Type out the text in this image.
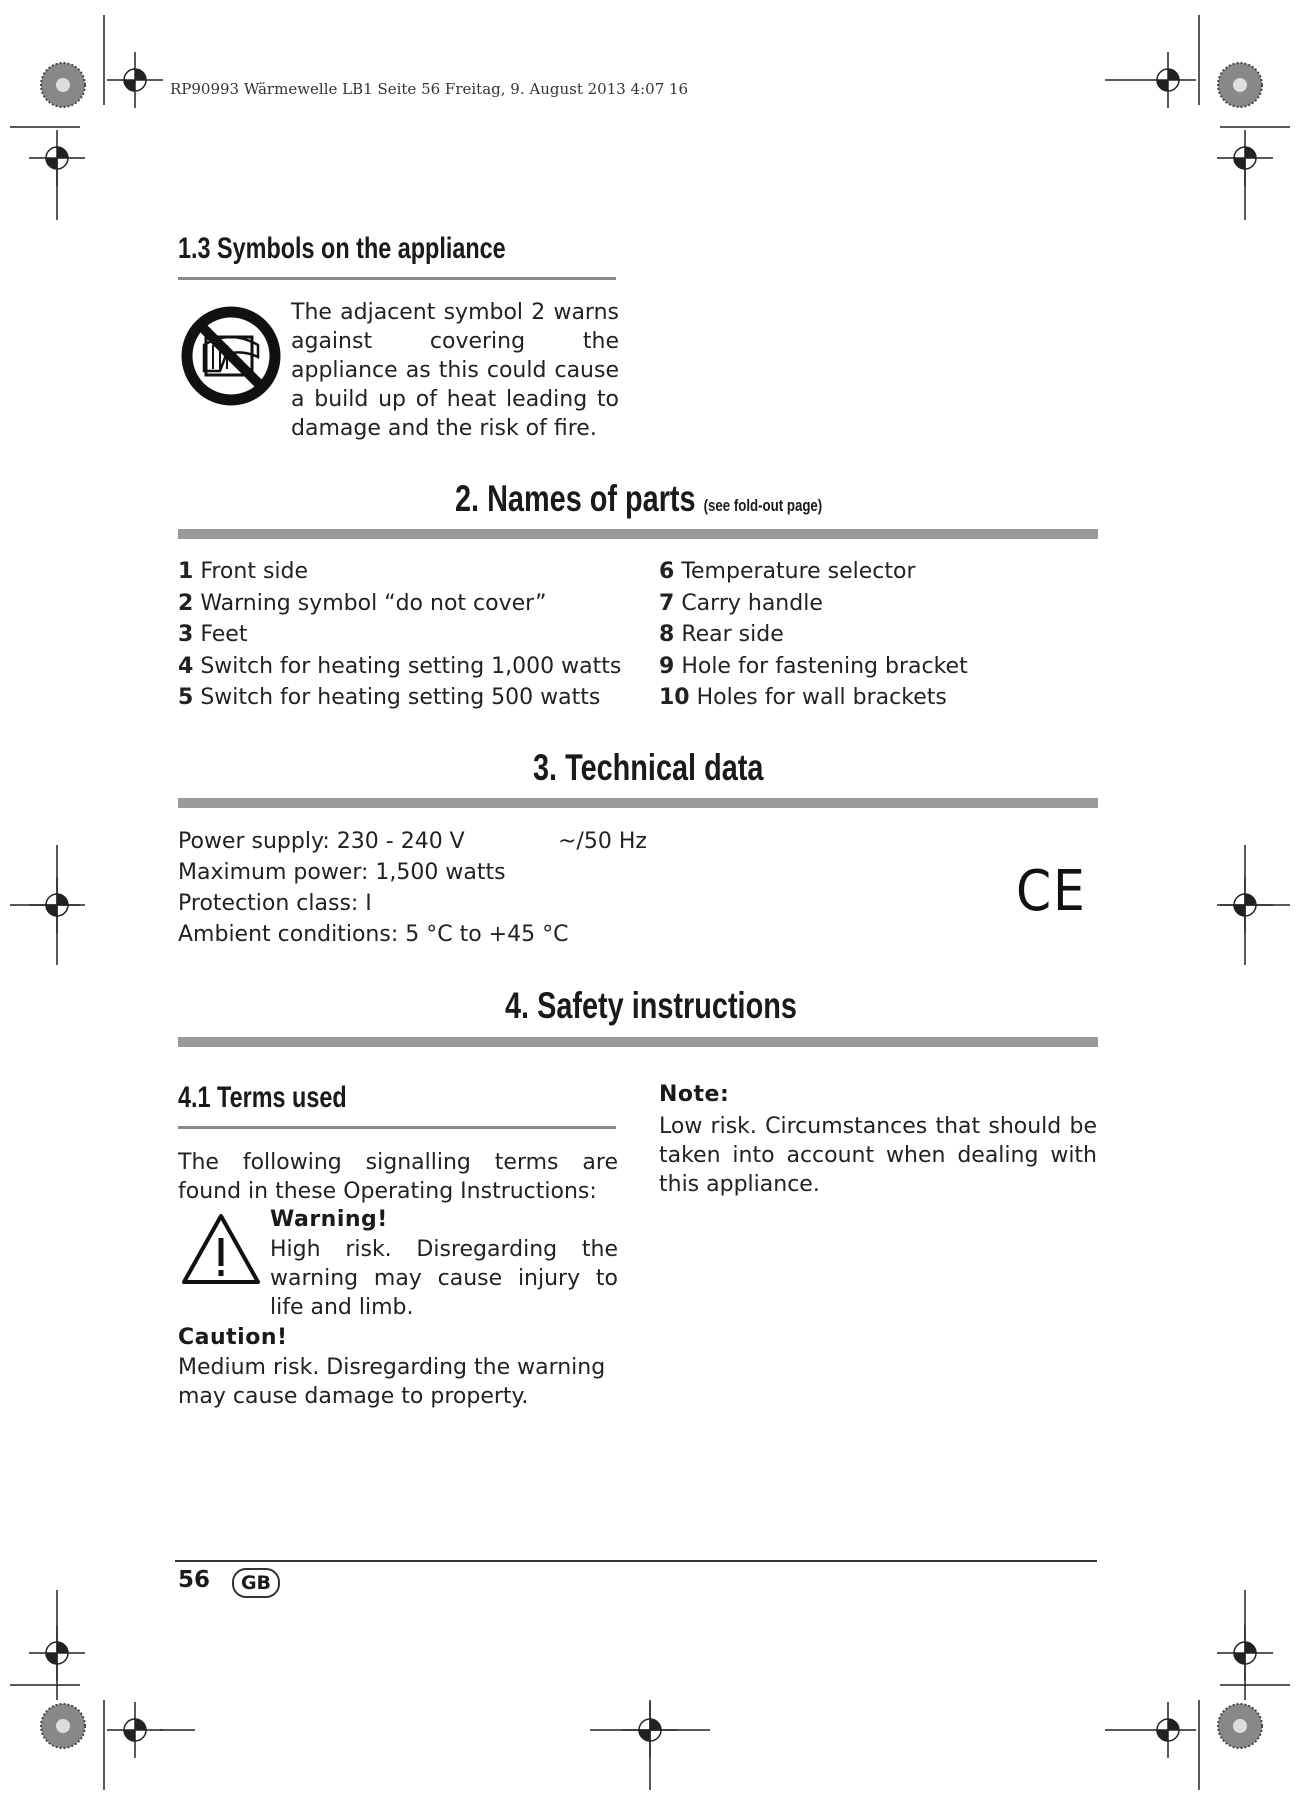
RP90993 Wärmewelle LB1 Seite 56 Freitag, 9. August 2013 4:07 16
1.3 Symbols on the appliance
The adjacent symbol 2 warns against covering the appliance as this could cause a build up of heat leading to damage and the risk of fire.
2. Names of parts (see fold-out page)
1 Front side
2 Warning symbol “do not cover”
3 Feet
4 Switch for heating setting 1,000 watts
5 Switch for heating setting 500 watts
6 Temperature selector
7 Carry handle
8 Rear side
9 Hole for fastening bracket
10 Holes for wall brackets
3. Technical data
Power supply: 230 - 240 V
Maximum power: 1,500 watts
Protection class: I
Ambient conditions: 5 °C to +45 °C
~/50 Hz
CE
4. Safety instructions
4.1 Terms used
The following signalling terms are found in these Operating Instructions:
Warning!
High risk. Disregarding the warning may cause injury to life and limb.
Caution!
Medium risk. Disregarding the warning may cause damage to property.
Note:
Low risk. Circumstances that should be taken into account when dealing with this appliance.
56	GB
